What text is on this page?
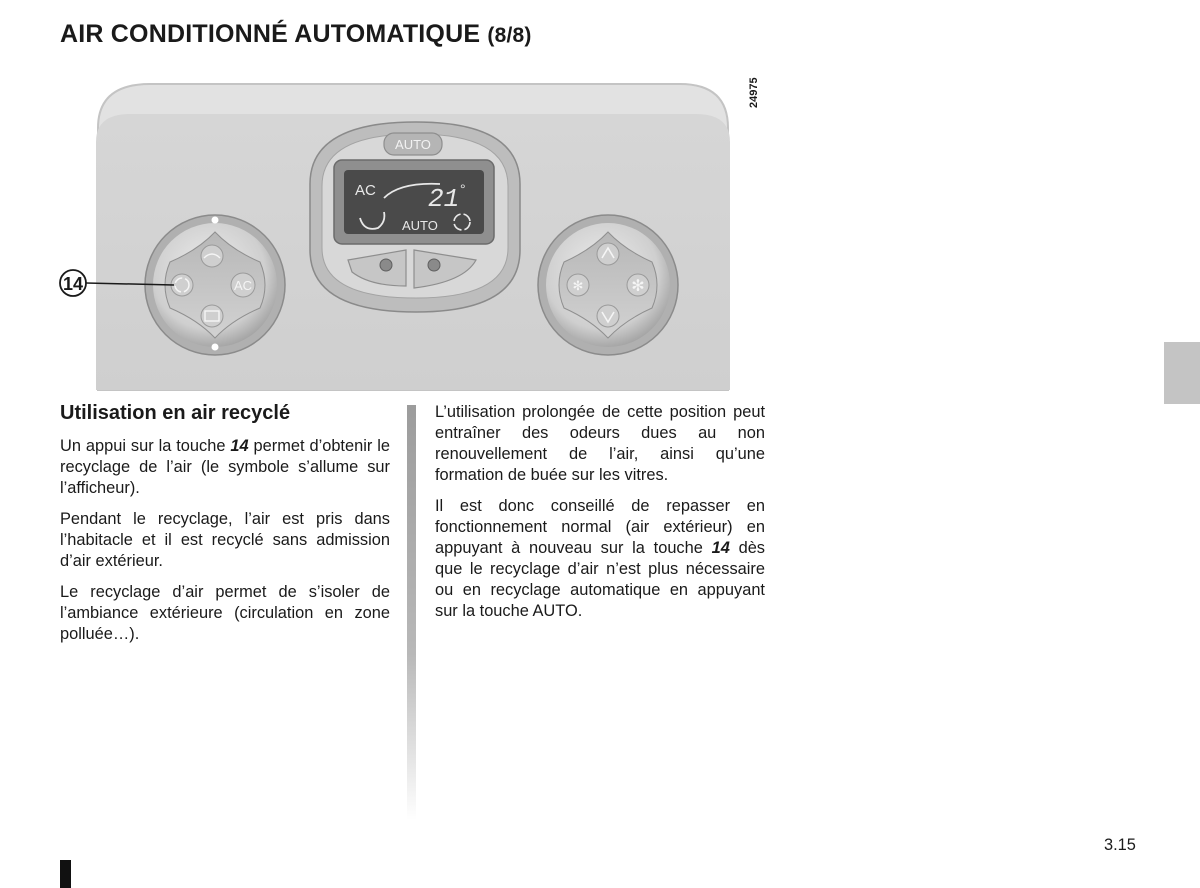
AIR CONDITIONNÉ AUTOMATIQUE (8/8)
24975
AUTO
AC 21 °
AUTO
AC
14	✻	✻
Utilisation en air recyclé

Un appui sur la touche 14 permet d’obtenir le recyclage de l’air (le symbole s’allume sur l’afficheur).

Pendant le recyclage, l’air est pris dans l’habitacle et il est recyclé sans admission d’air extérieur.

Le recyclage d’air permet de s’isoler de l’ambiance extérieure (circulation en zone polluée…).

L’utilisation prolongée de cette position peut entraîner des odeurs dues au non renouvellement de l’air, ainsi qu’une formation de buée sur les vitres.

Il est donc conseillé de repasser en fonctionnement normal (air extérieur) en appuyant à nouveau sur la touche 14 dès que le recyclage d’air n’est plus nécessaire ou en recyclage automatique en appuyant sur la touche AUTO.

3.15
